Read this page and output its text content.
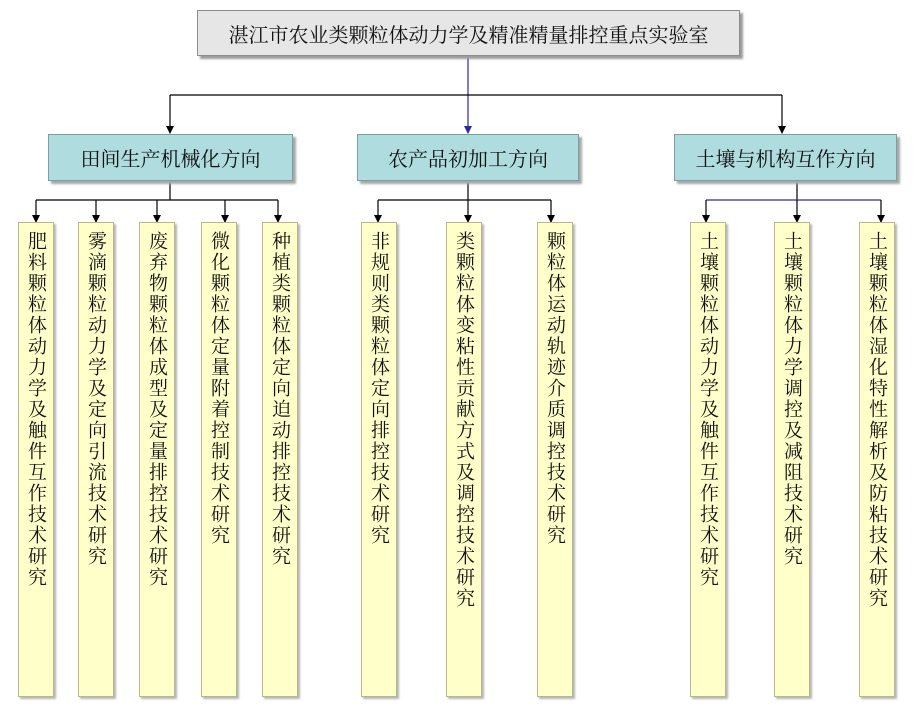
湛江市农业类颗粒体动力学及精准精量排控重点实验室
田间生产机械化方向	农产品初加工方向	土壤与机构互作方向
肥料颗粒体动力学及触件互作技术研究	雾滴颗粒动力学及定向引流技术研究	废弃物颗粒体成型及定量排控技术研究	微化颗粒体定量附着控制技术研究	种植类颗粒体定向迫动排控技术研究	非规则类颗粒体定向排控技术研究	类颗粒体变粘性贡献方式及调控技术研究	颗粒体运动轨迹介质调控技术研究	土壤颗粒体动力学及触件互作技术研究	土壤颗粒体力学调控及减阻技术研究	土壤颗粒体湿化特性解析及防粘技术研究
